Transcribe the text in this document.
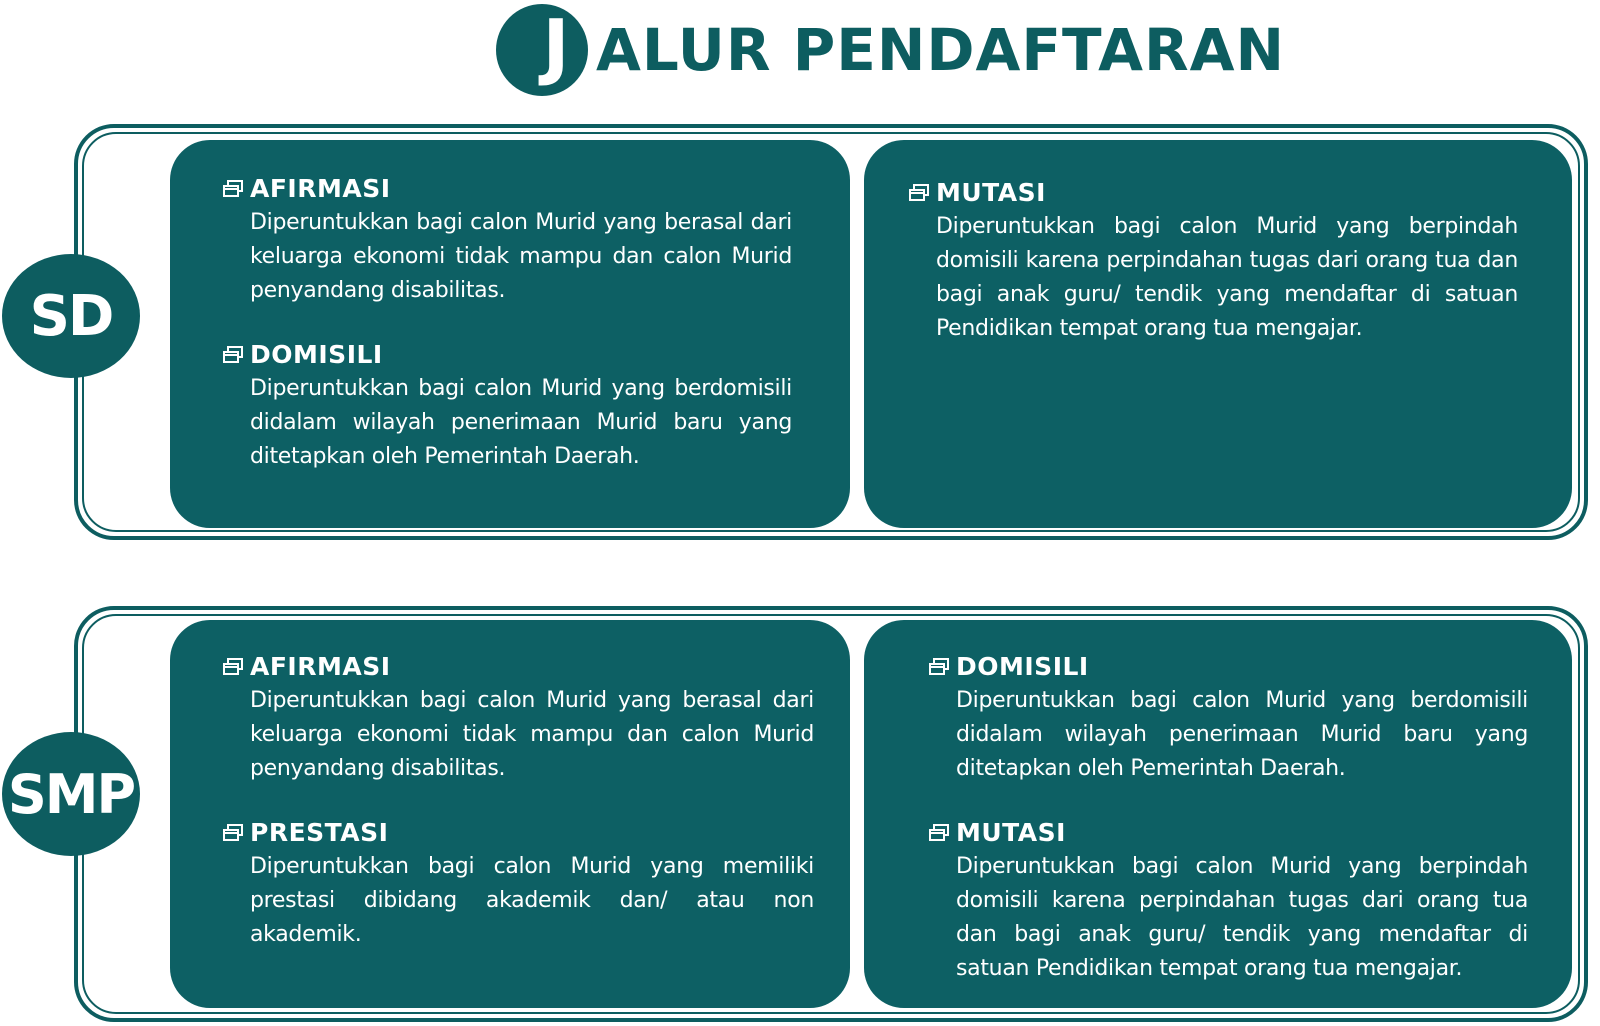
J ALUR PENDAFTARAN
SD
AFIRMASI
Diperuntukkan bagi calon Murid yang berasal dari keluarga ekonomi tidak mampu dan calon Murid penyandang disabilitas.
DOMISILI
Diperuntukkan bagi calon Murid yang berdomisili didalam wilayah penerimaan Murid baru yang ditetapkan oleh Pemerintah Daerah.
MUTASI
Diperuntukkan bagi calon Murid yang berpindah domisili karena perpindahan tugas dari orang tua dan bagi anak guru/ tendik yang mendaftar di satuan Pendidikan tempat orang tua mengajar.
SMP
AFIRMASI
Diperuntukkan bagi calon Murid yang berasal dari keluarga ekonomi tidak mampu dan calon Murid penyandang disabilitas.
PRESTASI
Diperuntukkan bagi calon Murid yang memiliki prestasi dibidang akademik dan/ atau non akademik.
DOMISILI
Diperuntukkan bagi calon Murid yang berdomisili didalam wilayah penerimaan Murid baru yang ditetapkan oleh Pemerintah Daerah.
MUTASI
Diperuntukkan bagi calon Murid yang berpindah domisili karena perpindahan tugas dari orang tua dan bagi anak guru/ tendik yang mendaftar di satuan Pendidikan tempat orang tua mengajar.
